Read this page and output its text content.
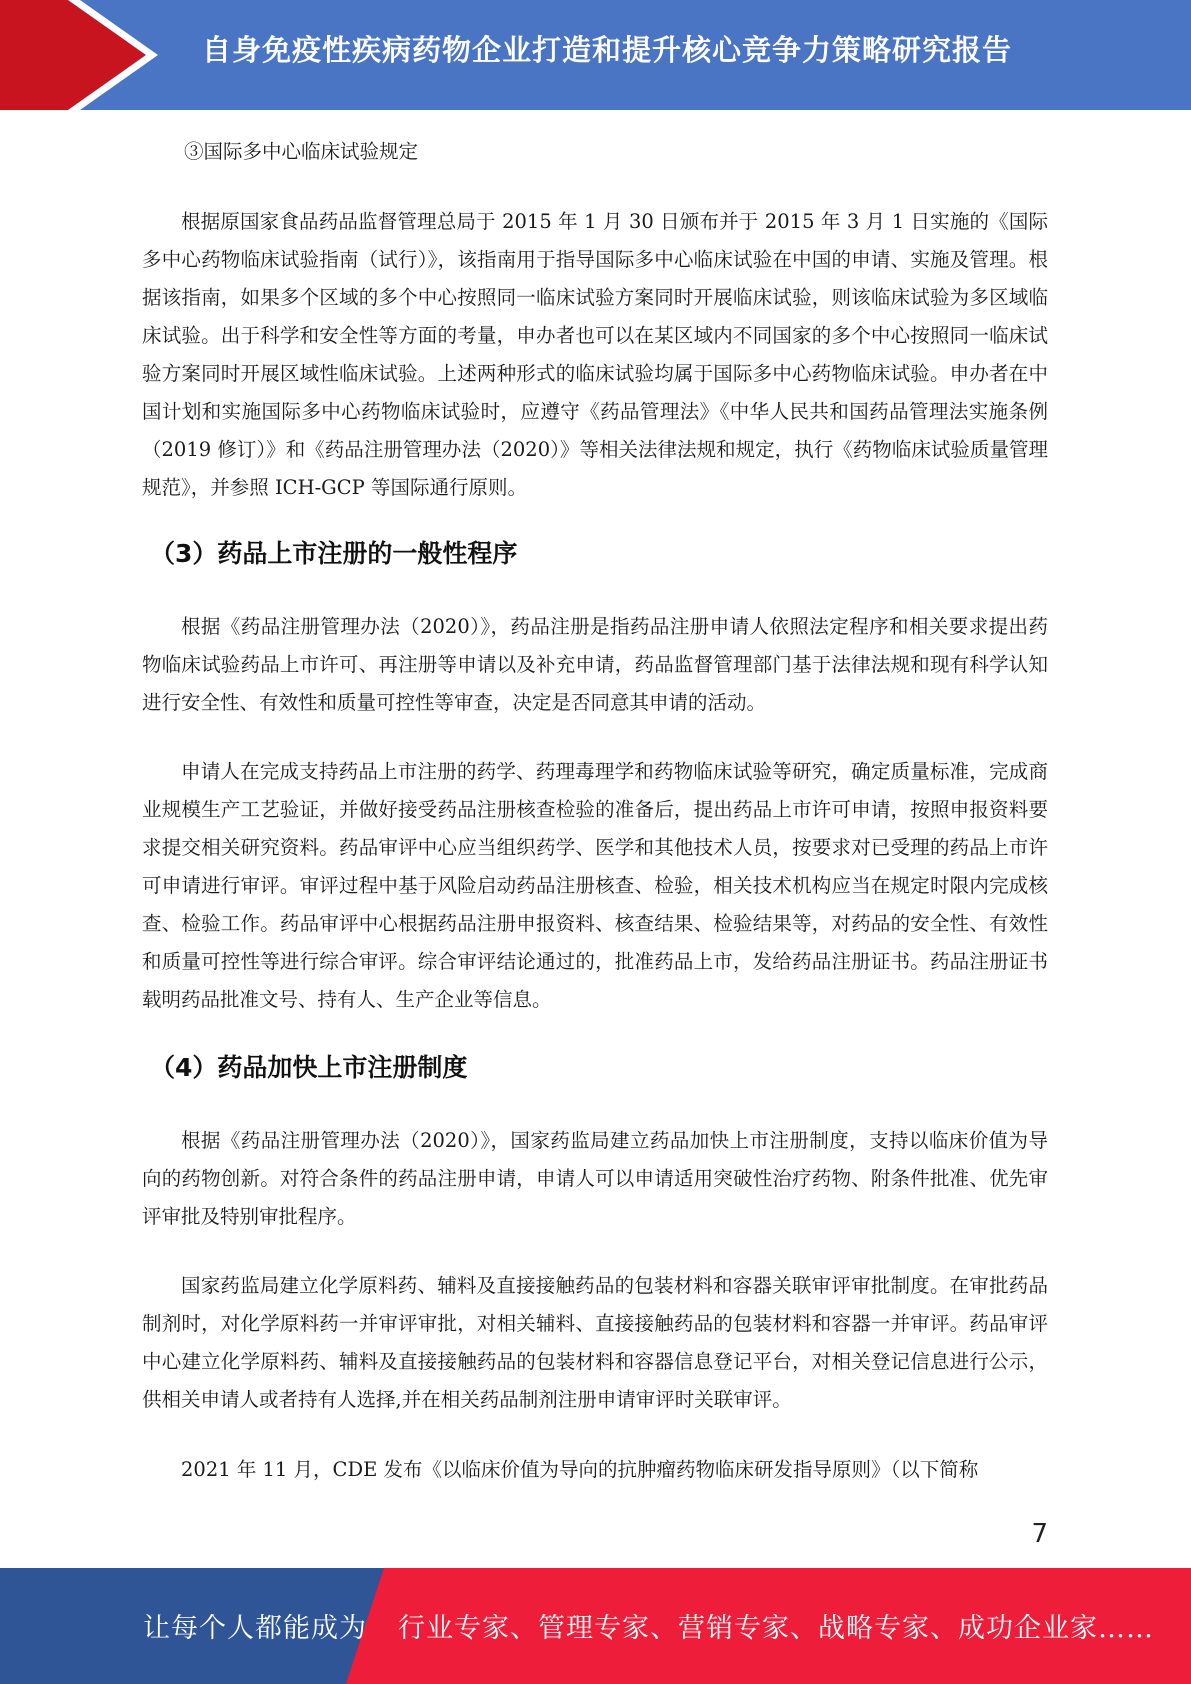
自身免疫性疾病药物企业打造和提升核心竞争力策略研究报告
③国际多中心临床试验规定
根据原国家食品药品监督管理总局于 2015 年 1 月 30 日颁布并于 2015 年 3 月 1 日实施的《国际多中心药物临床试验指南（试行）》，该指南用于指导国际多中心临床试验在中国的申请、实施及管理。根据该指南，如果多个区域的多个中心按照同一临床试验方案同时开展临床试验，则该临床试验为多区域临床试验。出于科学和安全性等方面的考量，申办者也可以在某区域内不同国家的多个中心按照同一临床试验方案同时开展区域性临床试验。上述两种形式的临床试验均属于国际多中心药物临床试验。申办者在中国计划和实施国际多中心药物临床试验时，应遵守《药品管理法》《中华人民共和国药品管理法实施条例（2019 修订）》和《药品注册管理办法（2020）》等相关法律法规和规定，执行《药物临床试验质量管理规范》，并参照 ICH-GCP 等国际通行原则。
（3）药品上市注册的一般性程序
根据《药品注册管理办法（2020）》，药品注册是指药品注册申请人依照法定程序和相关要求提出药物临床试验药品上市许可、再注册等申请以及补充申请，药品监督管理部门基于法律法规和现有科学认知进行安全性、有效性和质量可控性等审查，决定是否同意其申请的活动。
申请人在完成支持药品上市注册的药学、药理毒理学和药物临床试验等研究，确定质量标准，完成商业规模生产工艺验证，并做好接受药品注册核查检验的准备后，提出药品上市许可申请，按照申报资料要求提交相关研究资料。药品审评中心应当组织药学、医学和其他技术人员，按要求对已受理的药品上市许可申请进行审评。审评过程中基于风险启动药品注册核查、检验，相关技术机构应当在规定时限内完成核查、检验工作。药品审评中心根据药品注册申报资料、核查结果、检验结果等，对药品的安全性、有效性和质量可控性等进行综合审评。综合审评结论通过的，批准药品上市，发给药品注册证书。药品注册证书载明药品批准文号、持有人、生产企业等信息。
（4）药品加快上市注册制度
根据《药品注册管理办法（2020）》，国家药监局建立药品加快上市注册制度，支持以临床价值为导向的药物创新。对符合条件的药品注册申请，申请人可以申请适用突破性治疗药物、附条件批准、优先审评审批及特别审批程序。
国家药监局建立化学原料药、辅料及直接接触药品的包装材料和容器关联审评审批制度。在审批药品制剂时，对化学原料药一并审评审批，对相关辅料、直接接触药品的包装材料和容器一并审评。药品审评中心建立化学原料药、辅料及直接接触药品的包装材料和容器信息登记平台，对相关登记信息进行公示，供相关申请人或者持有人选择,并在相关药品制剂注册申请审评时关联审评。
2021 年 11 月，CDE 发布《以临床价值为导向的抗肿瘤药物临床研发指导原则》（以下简称
7
让每个人都能成为 行业专家、管理专家、营销专家、战略专家、成功企业家……
